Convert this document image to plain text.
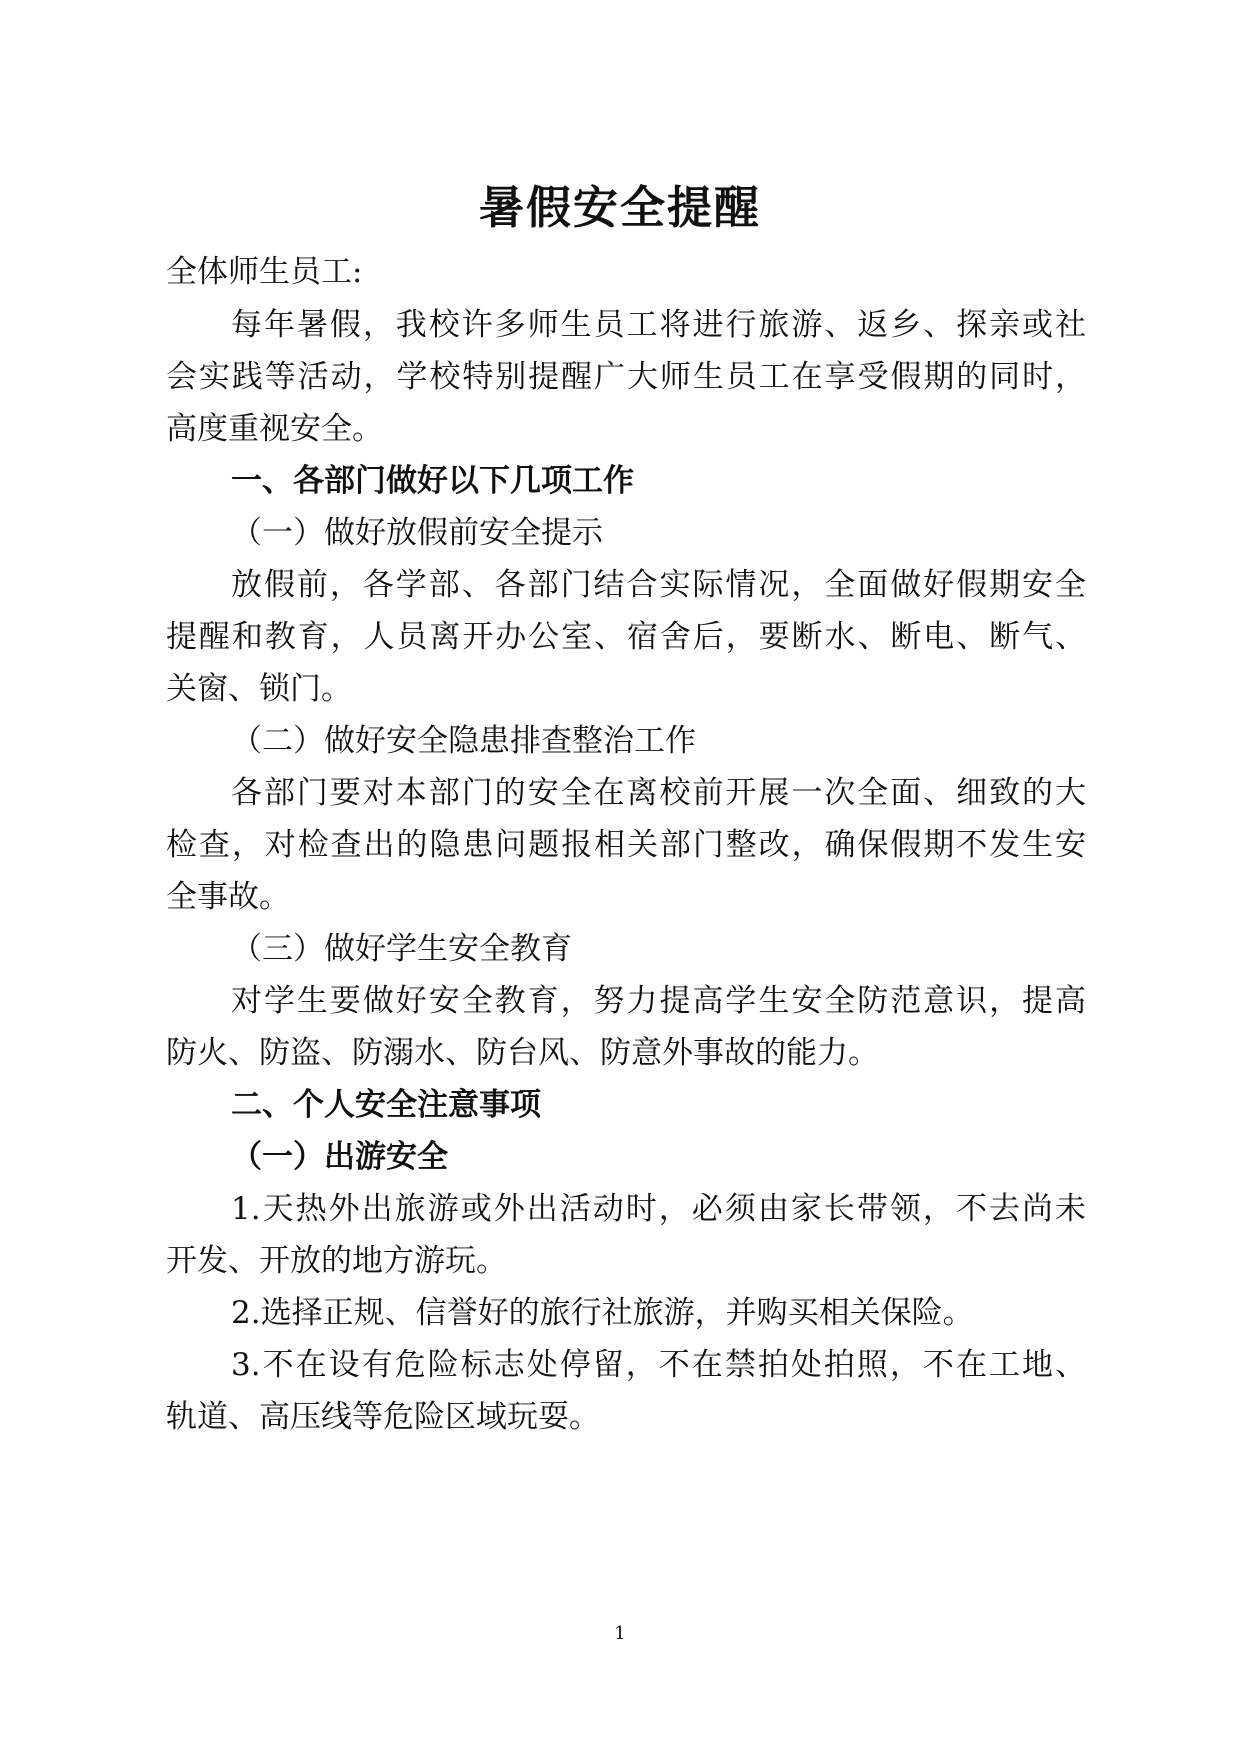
暑假安全提醒
全体师生员工:
每年暑假，我校许多师生员工将进行旅游、返乡、探亲或社
会实践等活动，学校特别提醒广大师生员工在享受假期的同时，
高度重视安全。
一、各部门做好以下几项工作
（一）做好放假前安全提示
放假前，各学部、各部门结合实际情况，全面做好假期安全
提醒和教育，人员离开办公室、宿舍后，要断水、断电、断气、
关窗、锁门。
（二）做好安全隐患排查整治工作
各部门要对本部门的安全在离校前开展一次全面、细致的大
检查，对检查出的隐患问题报相关部门整改，确保假期不发生安
全事故。
（三）做好学生安全教育
对学生要做好安全教育，努力提高学生安全防范意识，提高
防火、防盗、防溺水、防台风、防意外事故的能力。
二、个人安全注意事项
（一）出游安全
1.天热外出旅游或外出活动时，必须由家长带领，不去尚未
开发、开放的地方游玩。
2.选择正规、信誉好的旅行社旅游，并购买相关保险。
3.不在设有危险标志处停留，不在禁拍处拍照，不在工地、
轨道、高压线等危险区域玩耍。
1
